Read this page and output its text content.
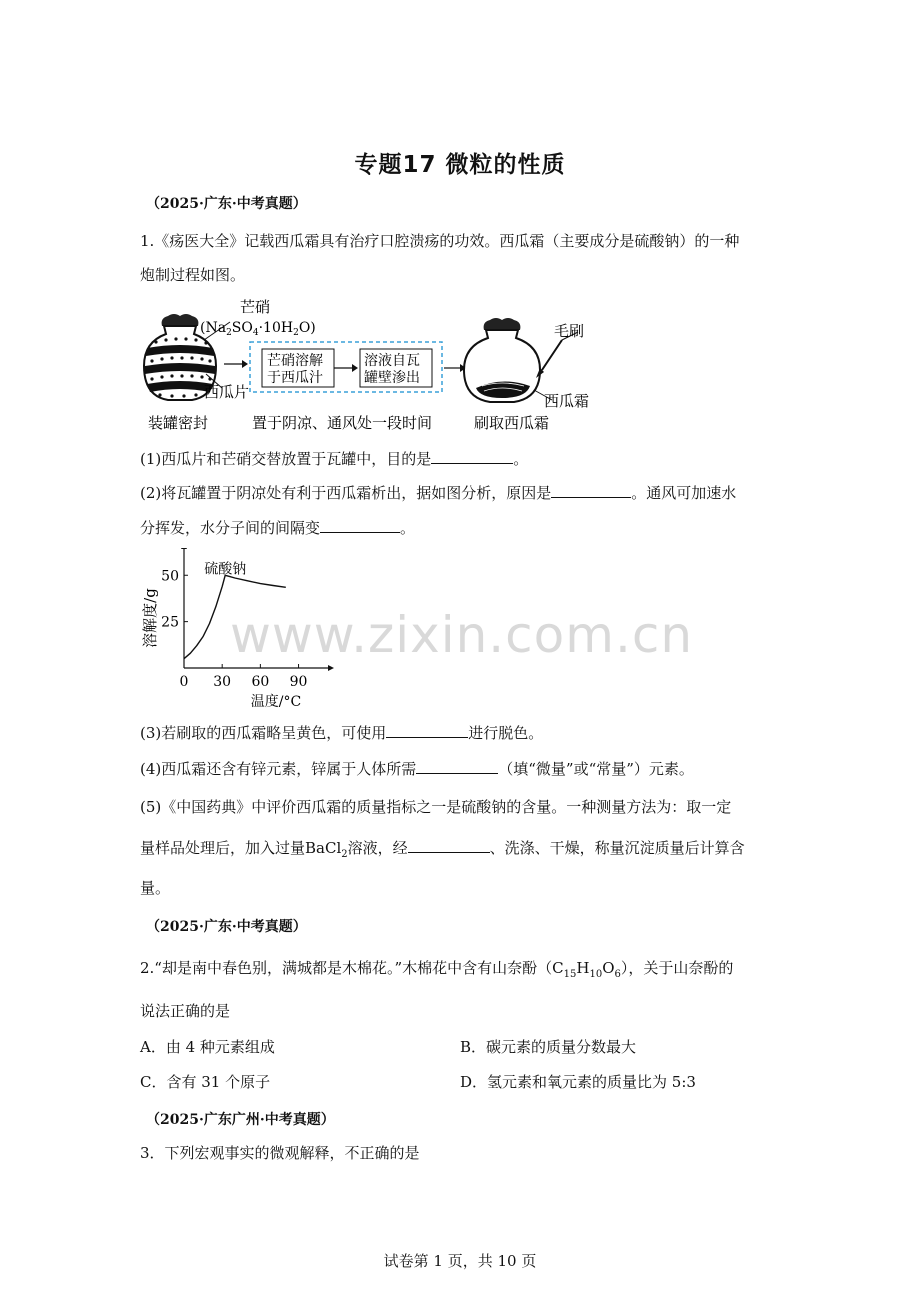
专题17 微粒的性质
（2025·广东·中考真题）
1.《疡医大全》记载西瓜霜具有治疗口腔溃疡的功效。西瓜霜（主要成分是硫酸钠）的一种
炮制过程如图。
芒硝
$(Na_2SO_4\cdot 10H_2O)$
西瓜片
芒硝溶解
于西瓜汁
溶液自瓦
罐壁渗出
毛刷
西瓜霜
装罐密封	置于阴凉、通风处一段时间	刷取西瓜霜
(1)西瓜片和芒硝交替放置于瓦罐中，目的是	。
(2)将瓦罐置于阴凉处有利于西瓜霜析出，据如图分析，原因是	。通风可加速水
分挥发，水分子间的间隔变	。
溶解度/g
温度/°C
0 30 60 90
25
50 硫酸钠
www.zixin.com.cn
(3)若刷取的西瓜霜略呈黄色，可使用	进行脱色。
(4)西瓜霜还含有锌元素，锌属于人体所需	（填“微量”或“常量”）元素。
(5)《中国药典》中评价西瓜霜的质量指标之一是硫酸钠的含量。一种测量方法为：取一定
量样品处理后，加入过量BaCl$_2$溶液，经	、洗涤、干燥，称量沉淀质量后计算含
量。
（2025·广东·中考真题）
2.“却是南中春色别，满城都是木棉花。”木棉花中含有山奈酚$(C_{15}H_{10}O_6)$，关于山奈酚的
说法正确的是
A．由 4 种元素组成	B．碳元素的质量分数最大
C．含有 31 个原子	D．氢元素和氧元素的质量比为 5:3
（2025·广东广州·中考真题）
3．下列宏观事实的微观解释，不正确的是
试卷第 1 页，共 10 页
